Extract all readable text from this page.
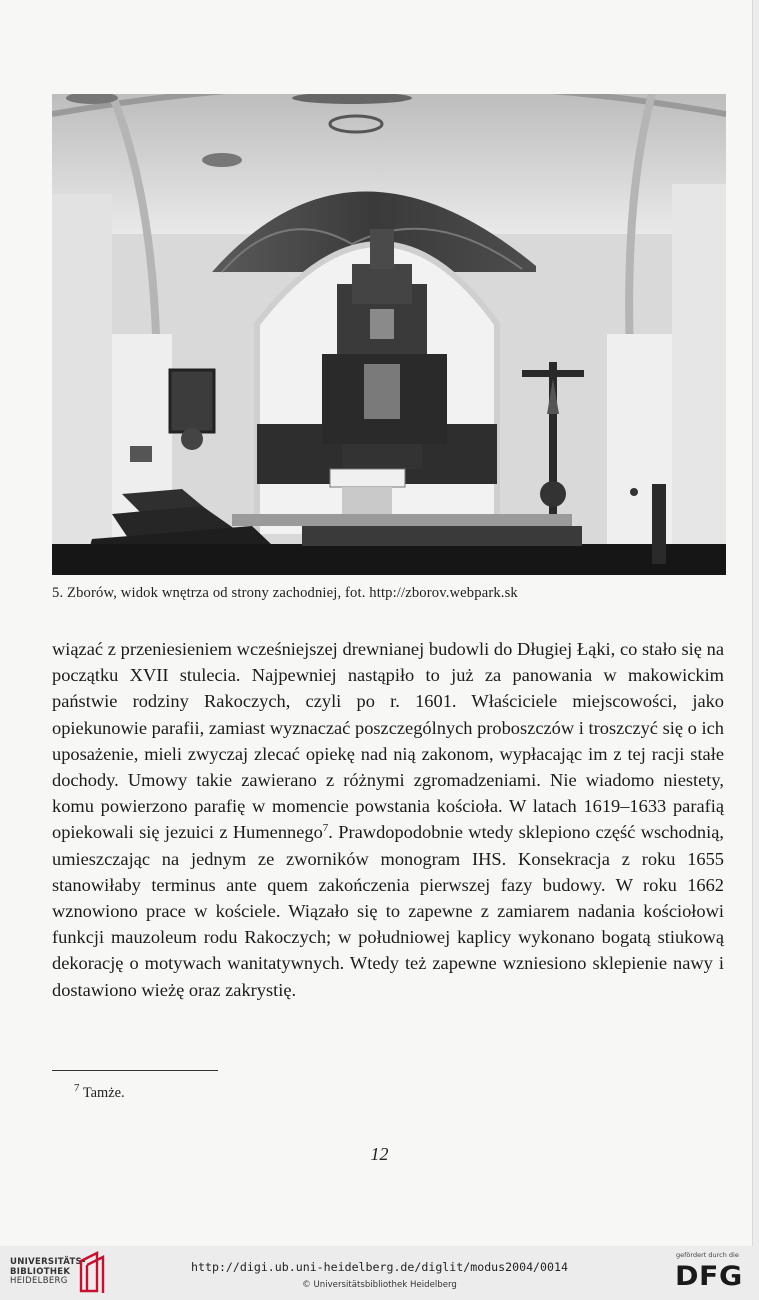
5. Zborów, widok wnętrza od strony zachodniej, fot. http://zborov.webpark.sk

wiązać z przeniesieniem wcześniejszej drewnianej budowli do Długiej Łąki, co stało się na początku XVII stulecia. Najpewniej nastąpiło to już za panowania w makowickim państwie rodziny Rakoczych, czyli po r. 1601. Właściciele miejscowości, jako opiekunowie parafii, zamiast wyznaczać poszczególnych proboszczów i troszczyć się o ich uposażenie, mieli zwyczaj zlecać opiekę nad nią zakonom, wypłacając im z tej racji stałe dochody. Umowy takie zawierano z różnymi zgromadzeniami. Nie wiadomo niestety, komu powierzono parafię w momencie powstania kościoła. W latach 1619–1633 parafią opiekowali się jezuici z Humennego$^7$. Prawdopodobnie wtedy sklepiono część wschodnią, umieszczając na jednym ze zworników monogram IHS. Konsekracja z roku 1655 stanowiłaby terminus ante quem zakończenia pierwszej fazy budowy. W roku 1662 wznowiono prace w kościele. Wiązało się to zapewne z zamiarem nadania kościołowi funkcji mauzoleum rodu Rakoczych; w południowej kaplicy wykonano bogatą stiukową dekorację o motywach wanitatywnych. Wtedy też zapewne wzniesiono sklepienie nawy i dostawiono wieżę oraz zakrystię.

$^7$ Tamże.
12
UNIVERSITÄTS-
BIBLIOTHEK
HEIDELBERG
http://digi.ub.uni-heidelberg.de/diglit/modus2004/0014
© Universitätsbibliothek Heidelberg
gefördert durch die
DFG
